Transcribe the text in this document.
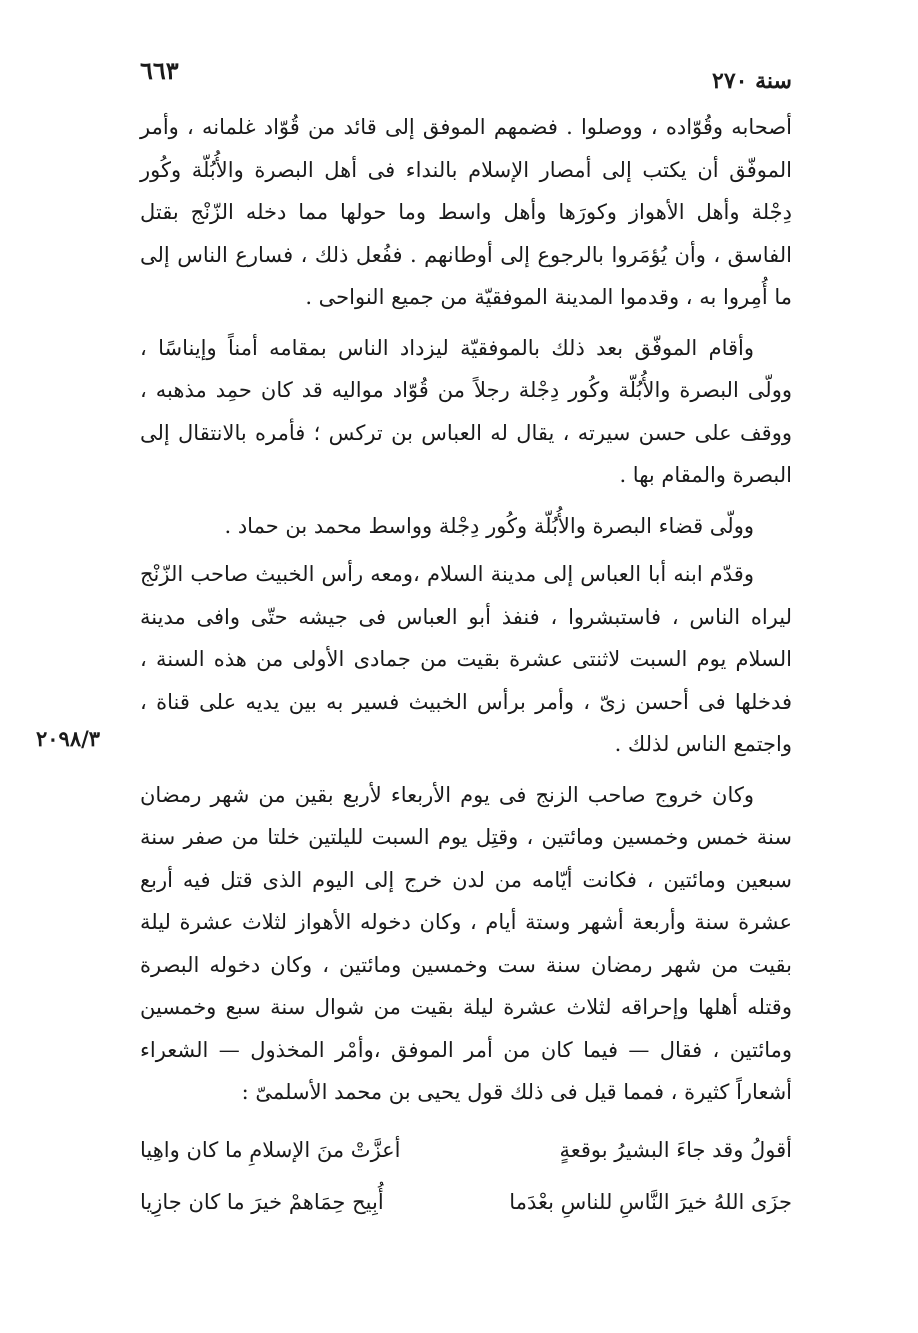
سنة ٢٧٠
٦٦٣

أصحابه وقُوّاده ، ووصلوا . فضمهم الموفق إلى قائد من قُوّاد غلمانه ، وأمر الموفّق أن يكتب إلى أمصار الإسلام بالنداء فى أهل البصرة والأُبُلّة وكُور دِجْلة وأهل الأهواز وكورَها وأهل واسط وما حولها مما دخله الزّنْج بقتل الفاسق ، وأن يُؤمَروا بالرجوع إلى أوطانهم . ففُعل ذلك ، فسارع الناس إلى ما أُمِروا به ، وقدموا المدينة الموفقيّة من جميع النواحى .

وأقام الموفّق بعد ذلك بالموفقيّة ليزداد الناس بمقامه أمناً وإيناسًا ، وولّى البصرة والأُبُلّة وكُور دِجْلة رجلاً من قُوّاد مواليه قد كان حمِد مذهبه ، ووقف على حسن سيرته ، يقال له العباس بن تركس ؛ فأمره بالانتقال إلى البصرة والمقام بها .

وولّى قضاء البصرة والأُبُلّة وكُور دِجْلة وواسط محمد بن حماد .

وقدّم ابنه أبا العباس إلى مدينة السلام ،ومعه رأس الخبيث صاحب الزّنْج ليراه الناس ، فاستبشروا ، فنفذ أبو العباس فى جيشه حتّى وافى مدينة السلام يوم السبت لاثنتى عشرة بقيت من جمادى الأولى من هذه السنة ، فدخلها فى أحسن زىّ ، وأمر برأس الخبيث فسير به بين يديه على قناة ، واجتمع الناس لذلك .

وكان خروج صاحب الزنج فى يوم الأربعاء لأربع بقين من شهر رمضان سنة خمس وخمسين ومائتين ، وقتِل يوم السبت لليلتين خلتا من صفر سنة سبعين ومائتين ، فكانت أيّامه من لدن خرج إلى اليوم الذى قتل فيه أربع عشرة سنة وأربعة أشهر وستة أيام ، وكان دخوله الأهواز لثلاث عشرة ليلة بقيت من شهر رمضان سنة ست وخمسين ومائتين ، وكان دخوله البصرة وقتله أهلها وإحراقه لثلاث عشرة ليلة بقيت من شوال سنة سبع وخمسين ومائتين ، فقال — فيما كان من أمر الموفق ،وأمْر المخذول — الشعراء أشعاراً كثيرة ، فمما قيل فى ذلك قول يحيى بن محمد الأسلمىّ :

٢٠٩٨/٣
أقولُ وقد جاءَ البشيرُ بوقعةٍ
أعزَّتْ منَ الإسلامِ ما كان واهِيا
جزَى اللهُ خيرَ النَّاسِ للناسِ بعْدَما
أُبِيح حِمَاهمْ خيرَ ما كان جازِيا
